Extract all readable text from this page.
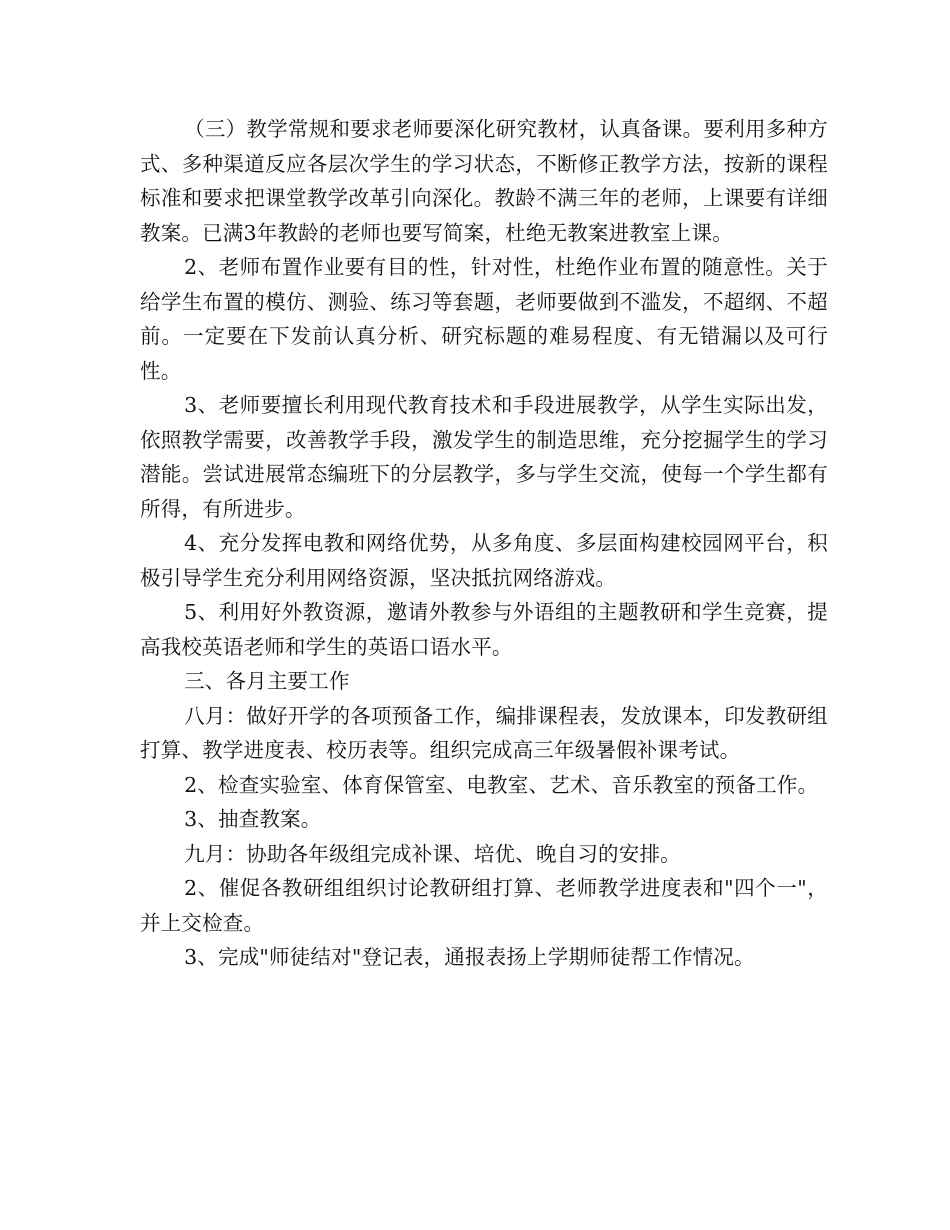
（三）教学常规和要求老师要深化研究教材，认真备课。要利用多种方式、多种渠道反应各层次学生的学习状态，不断修正教学方法，按新的课程标准和要求把课堂教学改革引向深化。教龄不满三年的老师，上课要有详细教案。已满3年教龄的老师也要写简案，杜绝无教案进教室上课。

2、老师布置作业要有目的性，针对性，杜绝作业布置的随意性。关于给学生布置的模仿、测验、练习等套题，老师要做到不滥发，不超纲、不超前。一定要在下发前认真分析、研究标题的难易程度、有无错漏以及可行性。

3、老师要擅长利用现代教育技术和手段进展教学，从学生实际出发，依照教学需要，改善教学手段，激发学生的制造思维，充分挖掘学生的学习潜能。尝试进展常态编班下的分层教学，多与学生交流，使每一个学生都有所得，有所进步。

4、充分发挥电教和网络优势，从多角度、多层面构建校园网平台，积极引导学生充分利用网络资源，坚决抵抗网络游戏。

5、利用好外教资源，邀请外教参与外语组的主题教研和学生竞赛，提高我校英语老师和学生的英语口语水平。

三、各月主要工作

八月：做好开学的各项预备工作，编排课程表，发放课本，印发教研组打算、教学进度表、校历表等。组织完成高三年级暑假补课考试。

2、检查实验室、体育保管室、电教室、艺术、音乐教室的预备工作。

3、抽查教案。

九月：协助各年级组完成补课、培优、晚自习的安排。

2、催促各教研组组织讨论教研组打算、老师教学进度表和"四个一"，并上交检查。

3、完成"师徒结对"登记表，通报表扬上学期师徒帮工作情况。
